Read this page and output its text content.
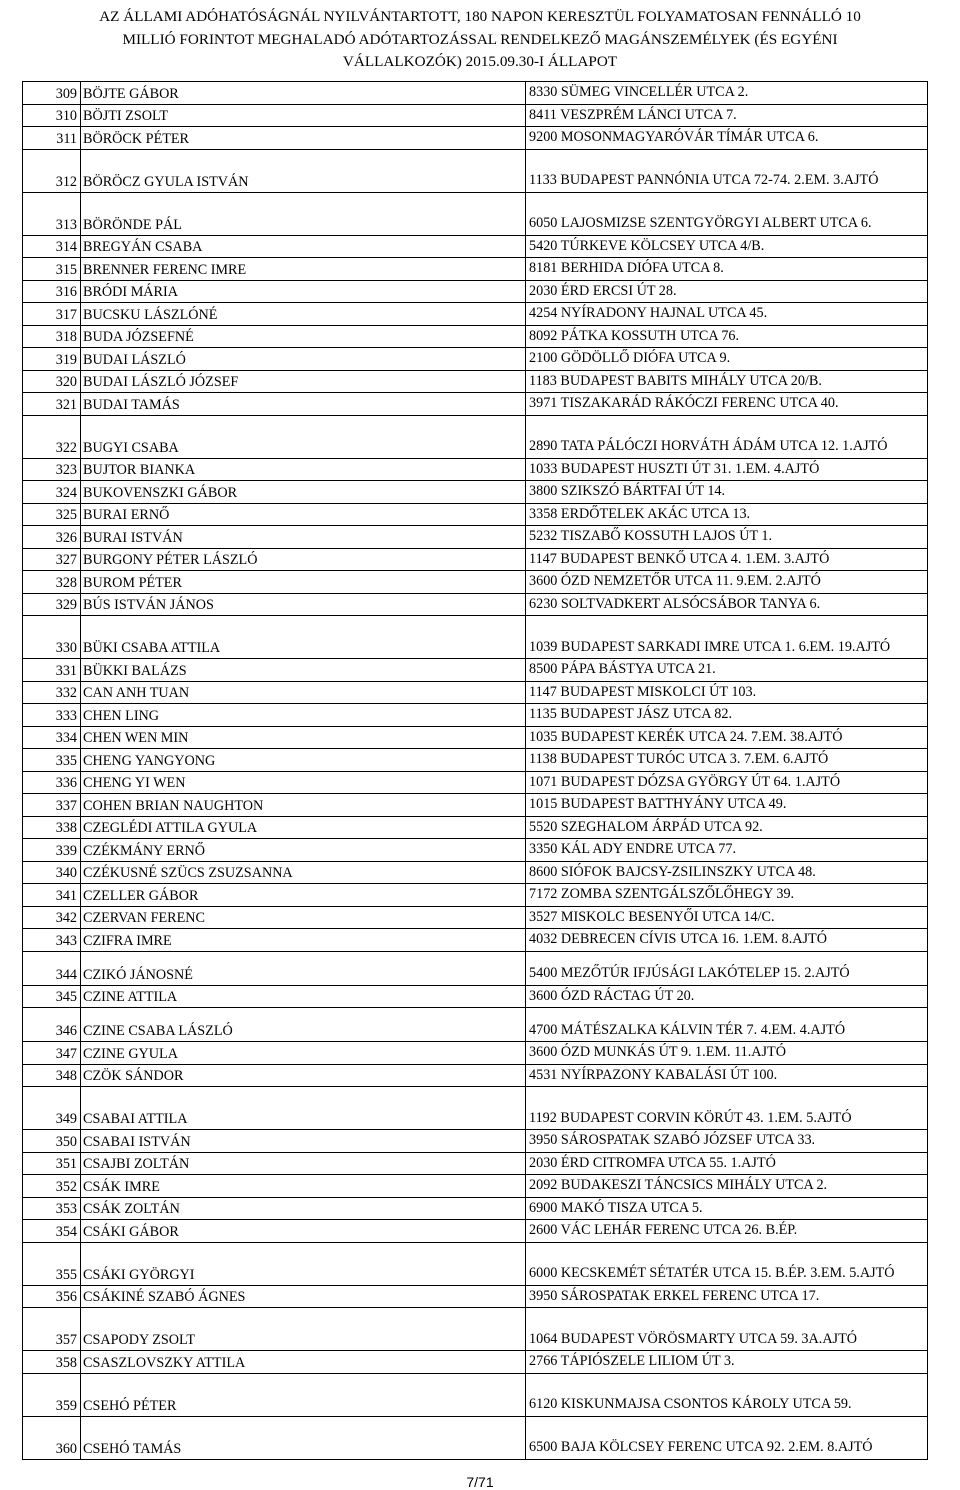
AZ ÁLLAMI ADÓHATÓSÁGNÁL NYILVÁNTARTOTT, 180 NAPON KERESZTÜL FOLYAMATOSAN FENNÁLLÓ 10
MILLIÓ FORINTOT MEGHALADÓ ADÓTARTOZÁSSAL RENDELKEZŐ MAGÁNSZEMÉLYEK (ÉS EGYÉNI
VÁLLALKOZÓK) 2015.09.30-I ÁLLAPOT
309	BÖJTE GÁBOR	8330 SÜMEG VINCELLÉR UTCA 2.
310	BÖJTI ZSOLT	8411 VESZPRÉM LÁNCI UTCA 7.
311	BÖRÖCK PÉTER	9200 MOSONMAGYARÓVÁR TÍMÁR UTCA 6.
312	BÖRÖCZ GYULA ISTVÁN	1133 BUDAPEST PANNÓNIA UTCA 72-74. 2.EM. 3.AJTÓ
313	BÖRÖNDE PÁL	6050 LAJOSMIZSE SZENTGYÖRGYI ALBERT UTCA 6.
314	BREGYÁN CSABA	5420 TÚRKEVE KÖLCSEY UTCA 4/B.
315	BRENNER FERENC IMRE	8181 BERHIDA DIÓFA UTCA 8.
316	BRÓDI MÁRIA	2030 ÉRD ERCSI ÚT 28.
317	BUCSKU LÁSZLÓNÉ	4254 NYÍRADONY HAJNAL UTCA 45.
318	BUDA JÓZSEFNÉ	8092 PÁTKA KOSSUTH UTCA 76.
319	BUDAI LÁSZLÓ	2100 GÖDÖLLŐ DIÓFA UTCA 9.
320	BUDAI LÁSZLÓ JÓZSEF	1183 BUDAPEST BABITS MIHÁLY UTCA 20/B.
321	BUDAI TAMÁS	3971 TISZAKARÁD RÁKÓCZI FERENC UTCA 40.
322	BUGYI CSABA	2890 TATA PÁLÓCZI HORVÁTH ÁDÁM UTCA 12. 1.AJTÓ
323	BUJTOR BIANKA	1033 BUDAPEST HUSZTI ÚT 31. 1.EM. 4.AJTÓ
324	BUKOVENSZKI GÁBOR	3800 SZIKSZÓ BÁRTFAI ÚT 14.
325	BURAI ERNŐ	3358 ERDŐTELEK AKÁC UTCA 13.
326	BURAI ISTVÁN	5232 TISZABŐ KOSSUTH LAJOS ÚT 1.
327	BURGONY PÉTER LÁSZLÓ	1147 BUDAPEST BENKŐ UTCA 4. 1.EM. 3.AJTÓ
328	BUROM PÉTER	3600 ÓZD NEMZETŐR UTCA 11. 9.EM. 2.AJTÓ
329	BÚS ISTVÁN JÁNOS	6230 SOLTVADKERT ALSÓCSÁBOR TANYA 6.
330	BÜKI CSABA ATTILA	1039 BUDAPEST SARKADI IMRE UTCA 1. 6.EM. 19.AJTÓ
331	BÜKKI BALÁZS	8500 PÁPA BÁSTYA UTCA 21.
332	CAN ANH TUAN	1147 BUDAPEST MISKOLCI ÚT 103.
333	CHEN LING	1135 BUDAPEST JÁSZ UTCA 82.
334	CHEN WEN MIN	1035 BUDAPEST KERÉK UTCA 24. 7.EM. 38.AJTÓ
335	CHENG YANGYONG	1138 BUDAPEST TURÓC UTCA 3. 7.EM. 6.AJTÓ
336	CHENG YI WEN	1071 BUDAPEST DÓZSA GYÖRGY ÚT 64. 1.AJTÓ
337	COHEN BRIAN NAUGHTON	1015 BUDAPEST BATTHYÁNY UTCA 49.
338	CZEGLÉDI ATTILA GYULA	5520 SZEGHALOM ÁRPÁD UTCA 92.
339	CZÉKMÁNY ERNŐ	3350 KÁL ADY ENDRE UTCA 77.
340	CZÉKUSNÉ SZÜCS ZSUZSANNA	8600 SIÓFOK BAJCSY-ZSILINSZKY UTCA 48.
341	CZELLER GÁBOR	7172 ZOMBA SZENTGÁLSZŐLŐHEGY 39.
342	CZERVAN FERENC	3527 MISKOLC BESENYŐI UTCA 14/C.
343	CZIFRA IMRE	4032 DEBRECEN CÍVIS UTCA 16. 1.EM. 8.AJTÓ
344	CZIKÓ JÁNOSNÉ	5400 MEZŐTÚR IFJÚSÁGI LAKÓTELEP 15. 2.AJTÓ
345	CZINE ATTILA	3600 ÓZD RÁCTAG ÚT 20.
346	CZINE CSABA LÁSZLÓ	4700 MÁTÉSZALKA KÁLVIN TÉR 7. 4.EM. 4.AJTÓ
347	CZINE GYULA	3600 ÓZD MUNKÁS ÚT 9. 1.EM. 11.AJTÓ
348	CZÖK SÁNDOR	4531 NYÍRPAZONY KABALÁSI ÚT 100.
349	CSABAI ATTILA	1192 BUDAPEST CORVIN KÖRÚT 43. 1.EM. 5.AJTÓ
350	CSABAI ISTVÁN	3950 SÁROSPATAK SZABÓ JÓZSEF UTCA 33.
351	CSAJBI ZOLTÁN	2030 ÉRD CITROMFA UTCA 55. 1.AJTÓ
352	CSÁK IMRE	2092 BUDAKESZI TÁNCSICS MIHÁLY UTCA 2.
353	CSÁK ZOLTÁN	6900 MAKÓ TISZA UTCA 5.
354	CSÁKI GÁBOR	2600 VÁC LEHÁR FERENC UTCA 26. B.ÉP.
355	CSÁKI GYÖRGYI	6000 KECSKEMÉT SÉTATÉR UTCA 15. B.ÉP. 3.EM. 5.AJTÓ
356	CSÁKINÉ SZABÓ ÁGNES	3950 SÁROSPATAK ERKEL FERENC UTCA 17.
357	CSAPODY ZSOLT	1064 BUDAPEST VÖRÖSMARTY UTCA 59. 3A.AJTÓ
358	CSASZLOVSZKY ATTILA	2766 TÁPIÓSZELE LILIOM ÚT 3.
359	CSEHÓ PÉTER	6120 KISKUNMAJSA CSONTOS KÁROLY UTCA 59.
360	CSEHÓ TAMÁS	6500 BAJA KÖLCSEY FERENC UTCA 92. 2.EM. 8.AJTÓ
7/71
